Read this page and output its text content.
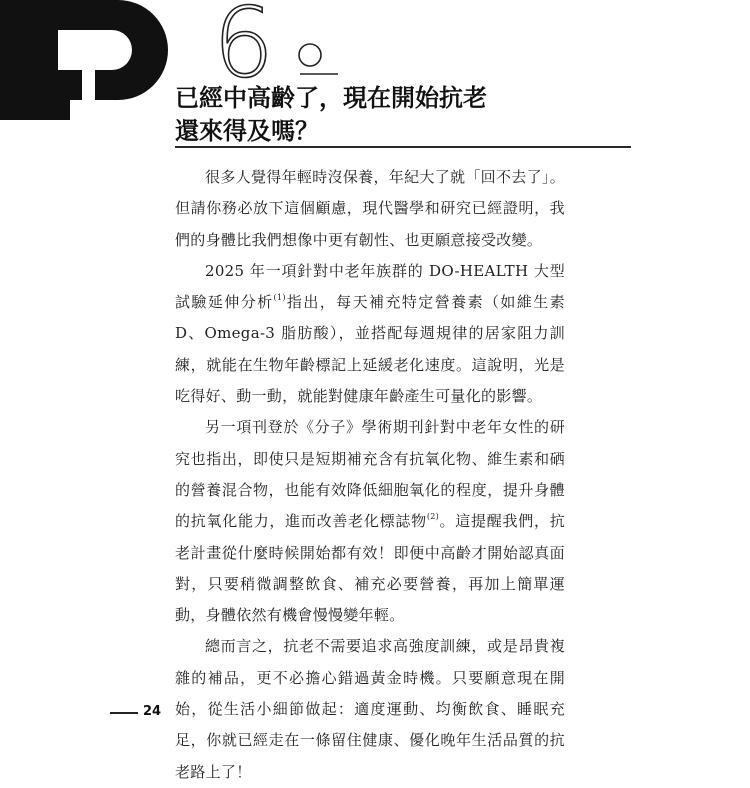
6
已經中高齡了，現在開始抗老
還來得及嗎？

很多人覺得年輕時沒保養，年紀大了就「回不去了」。但請你務必放下這個顧慮，現代醫學和研究已經證明，我們的身體比我們想像中更有韌性、也更願意接受改變。

2025 年一項針對中老年族群的 DO-HEALTH 大型試驗延伸分析$^{(1)}$指出，每天補充特定營養素（如維生素 D、Omega-3 脂肪酸），並搭配每週規律的居家阻力訓練，就能在生物年齡標記上延緩老化速度。這說明，光是吃得好、動一動，就能對健康年齡產生可量化的影響。

另一項刊登於《分子》學術期刊針對中老年女性的研究也指出，即使只是短期補充含有抗氧化物、維生素和硒的營養混合物，也能有效降低細胞氧化的程度，提升身體的抗氧化能力，進而改善老化標誌物$^{(2)}$。這提醒我們，抗老計畫從什麼時候開始都有效！即便中高齡才開始認真面對，只要稍微調整飲食、補充必要營養，再加上簡單運動，身體依然有機會慢慢變年輕。

總而言之，抗老不需要追求高強度訓練，或是昂貴複雜的補品，更不必擔心錯過黃金時機。只要願意現在開始，從生活小細節做起：適度運動、均衡飲食、睡眠充足，你就已經走在一條留住健康、優化晚年生活品質的抗老路上了！

24
